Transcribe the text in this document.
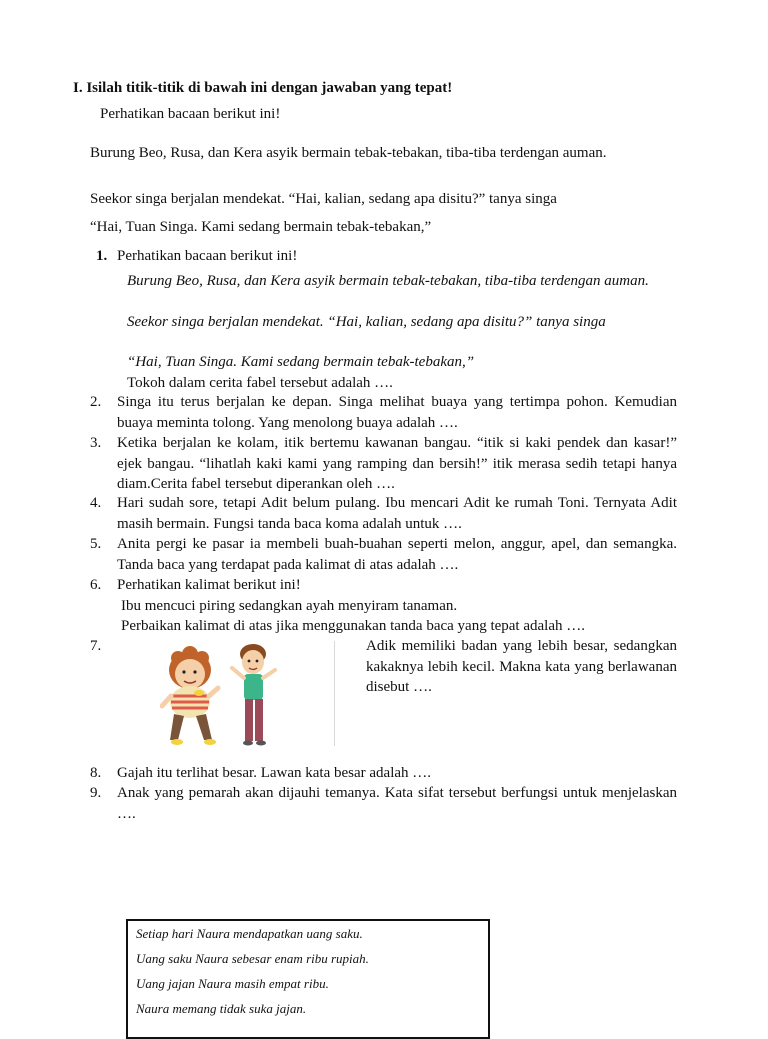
I. Isilah titik-titik di bawah ini dengan jawaban yang tepat!
Perhatikan bacaan berikut ini!
Burung Beo, Rusa, dan Kera asyik bermain tebak-tebakan, tiba-tiba terdengan auman.
Seekor singa berjalan mendekat. “Hai, kalian, sedang apa disitu?” tanya singa
“Hai, Tuan Singa. Kami sedang bermain tebak-tebakan,”
1. Perhatikan bacaan berikut ini!
Burung Beo, Rusa, dan Kera asyik bermain tebak-tebakan, tiba-tiba terdengan auman.
Seekor singa berjalan mendekat. “Hai, kalian, sedang apa disitu?” tanya singa
“Hai, Tuan Singa. Kami sedang bermain tebak-tebakan,”
Tokoh dalam cerita fabel tersebut adalah ….
2.	Singa itu terus berjalan ke depan. Singa melihat buaya yang tertimpa pohon. Kemudian buaya meminta tolong. Yang menolong buaya adalah ….
3.	Ketika berjalan ke kolam, itik bertemu kawanan bangau. “itik si kaki pendek dan kasar!” ejek bangau. “lihatlah kaki kami yang ramping dan bersih!” itik merasa sedih tetapi hanya diam.Cerita fabel tersebut diperankan oleh ….
4.	Hari sudah sore, tetapi Adit belum pulang. Ibu mencari Adit ke rumah Toni. Ternyata Adit masih bermain. Fungsi tanda baca koma adalah untuk ….
5.	Anita pergi ke pasar ia membeli buah-buahan seperti melon, anggur, apel, dan semangka. Tanda baca yang terdapat pada kalimat di atas adalah ….
6.	Perhatikan kalimat berikut ini!
Ibu mencuci piring sedangkan ayah menyiram tanaman.
Perbaikan kalimat di atas jika menggunakan tanda baca yang tepat adalah ….
7.	Adik memiliki badan yang lebih besar, sedangkan kakaknya lebih kecil. Makna kata yang berlawanan disebut ….
8.	Gajah itu terlihat besar. Lawan kata besar adalah ….
9.	Anak yang pemarah akan dijauhi temanya. Kata sifat tersebut berfungsi untuk menjelaskan ….

Setiap hari Naura mendapatkan uang saku.

Uang saku Naura sebesar enam ribu rupiah.

Uang jajan Naura masih empat ribu.

Naura memang tidak suka jajan.
